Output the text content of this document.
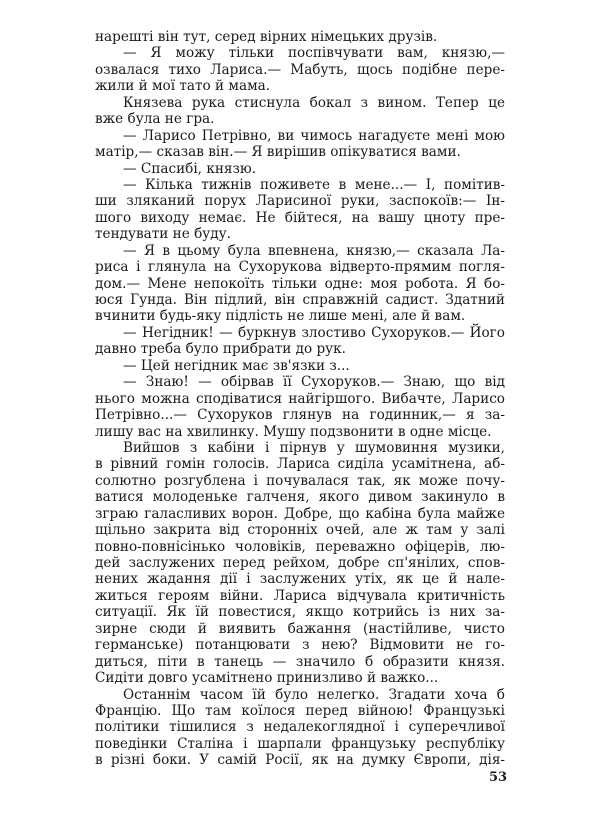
нарешті він тут, серед вірних німецьких друзів.
— Я можу тільки поспівчувати вам, князю,—
озвалася тихо Лариса.— Мабуть, щось подібне пере-
жили й мої тато й мама.
Князева рука стиснула бокал з вином. Тепер це
вже була не гра.
— Ларисо Петрівно, ви чимось нагадуєте мені мою
матір,— сказав він.— Я вирішив опікуватися вами.
— Спасибі, князю.
— Кілька тижнів поживете в мене...— І, помітив-
ши зляканий порух Ларисиної руки, заспокоїв:— Ін-
шого виходу немає. Не бійтеся, на вашу цноту пре-
тендувати не буду.
— Я в цьому була впевнена, князю,— сказала Ла-
риса і глянула на Сухорукова відверто-прямим погля-
дом.— Мене непокоїть тільки одне: моя робота. Я бо-
юся Гунда. Він підлий, він справжній садист. Здатний
вчинити будь-яку підлість не лише мені, але й вам.
— Негідник! — буркнув злостиво Сухоруков.— Його
давно треба було прибрати до рук.
— Цей негідник має зв'язки з...
— Знаю! — обірвав її Сухоруков.— Знаю, що від
нього можна сподіватися найгіршого. Вибачте, Ларисо
Петрівно...— Сухоруков глянув на годинник,— я за-
лишу вас на хвилинку. Мушу подзвонити в одне місце.
Вийшов з кабіни і пірнув у шумовиння музики,
в рівний гомін голосів. Лариса сиділа усамітнена, аб-
солютно розгублена і почувалася так, як може почу-
ватися молоденьке галченя, якого дивом закинуло в
зграю галасливих ворон. Добре, що кабіна була майже
щільно закрита від сторонніх очей, але ж там у залі
повно-повнісінько чоловіків, переважно офіцерів, лю-
дей заслужених перед рейхом, добре сп'янілих, спов-
нених жадання дії і заслужених утіх, як це й нале-
житься героям війни. Лариса відчувала критичність
ситуації. Як їй повестися, якщо котрийсь із них за-
зирне сюди й виявить бажання (настійливе, чисто
германське) потанцювати з нею? Відмовити не го-
диться, піти в танець — значило б образити князя.
Сидіти довго усамітнено принизливо й важко...
Останнім часом їй було нелегко. Згадати хоча б
Францію. Що там коїлося перед війною! Французькі
політики тішилися з недалекоглядної і суперечливої
поведінки Сталіна і шарпали французьку республіку
в різні боки. У самій Росії, як на думку Європи, дія-
53
